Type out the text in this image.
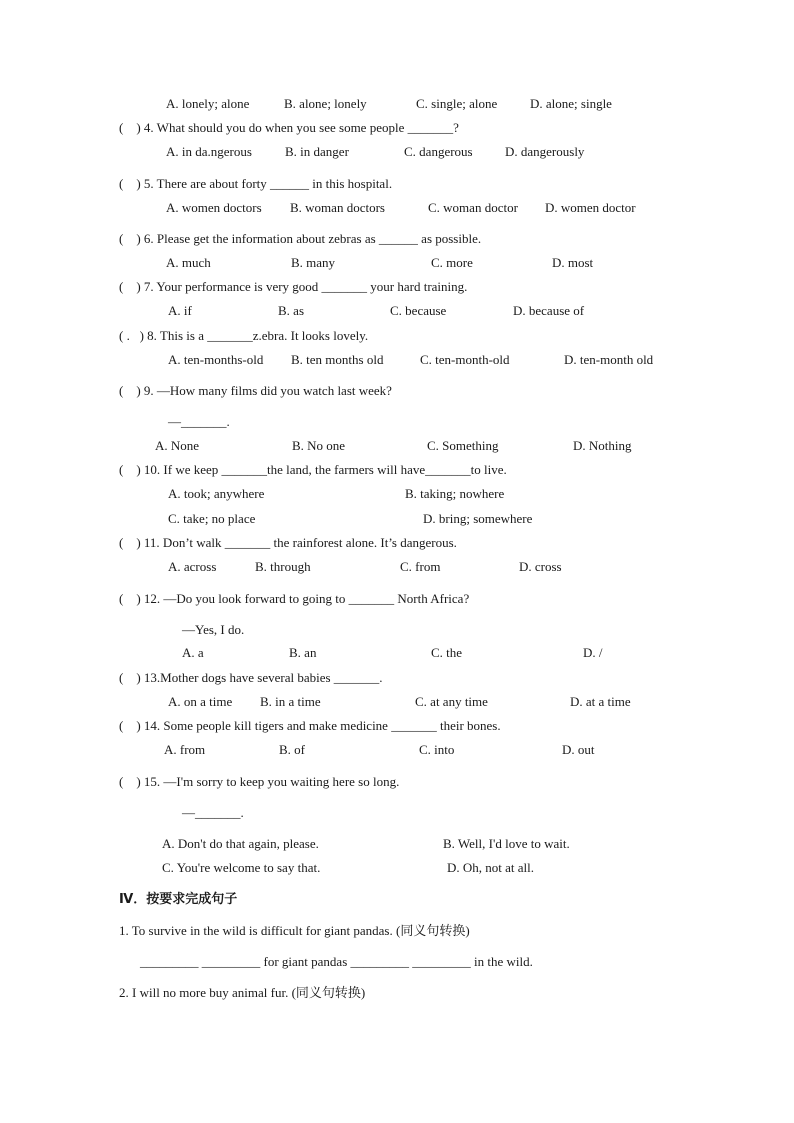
A. lonely; alone	B. alone; lonely	C. single; alone	D. alone; single
(    ) 4. What should you do when you see some people _______?
A. in da.ngerous	B. in danger	C. dangerous D. dangerously
(    ) 5. There are about forty ______ in this hospital.
A. women doctors B. woman doctors	C. woman doctor D. women doctor
(    ) 6. Please get the information about zebras as ______ as possible.
A. much	B. many	C. more	D. most
(    ) 7. Your performance is very good _______ your hard training.
A. if	B. as	C. because	D. because of
( .   ) 8. This is a _______z.ebra. It looks lovely.
A. ten-months-old B. ten months old	C. ten-month-old	D. ten-month old
(    ) 9. —How many films did you watch last week?
—_______.
A. None	B. No one	C. Something	D. Nothing
(    ) 10. If we keep _______the land, the farmers will have_______to live.
A. took; anywhere	B. taking; nowhere
C. take; no place	D. bring; somewhere
(    ) 11. Don’t walk _______ the rainforest alone. It’s dangerous.
A. across	B. through	C. from	D. cross
(    ) 12. —Do you look forward to going to _______ North Africa?
—Yes, I do.
A. a	B. an	C. the	D. /
(    ) 13.Mother dogs have several babies _______.
A. on a time B. in a time	C. at any time	D. at a time
(    ) 14. Some people kill tigers and make medicine _______ their bones.
A. from	B. of	C. into	D. out
(    ) 15. —I'm sorry to keep you waiting here so long.
—_______.
A. Don't do that again, please.	B. Well, I'd love to wait.
C. You're welcome to say that.	D. Oh, not at all.
Ⅳ．按要求完成句子
1. To survive in the wild is difficult for giant pandas. (同义句转换)
_________ _________ for giant pandas _________ _________ in the wild.
2. I will no more buy animal fur. (同义句转换)
